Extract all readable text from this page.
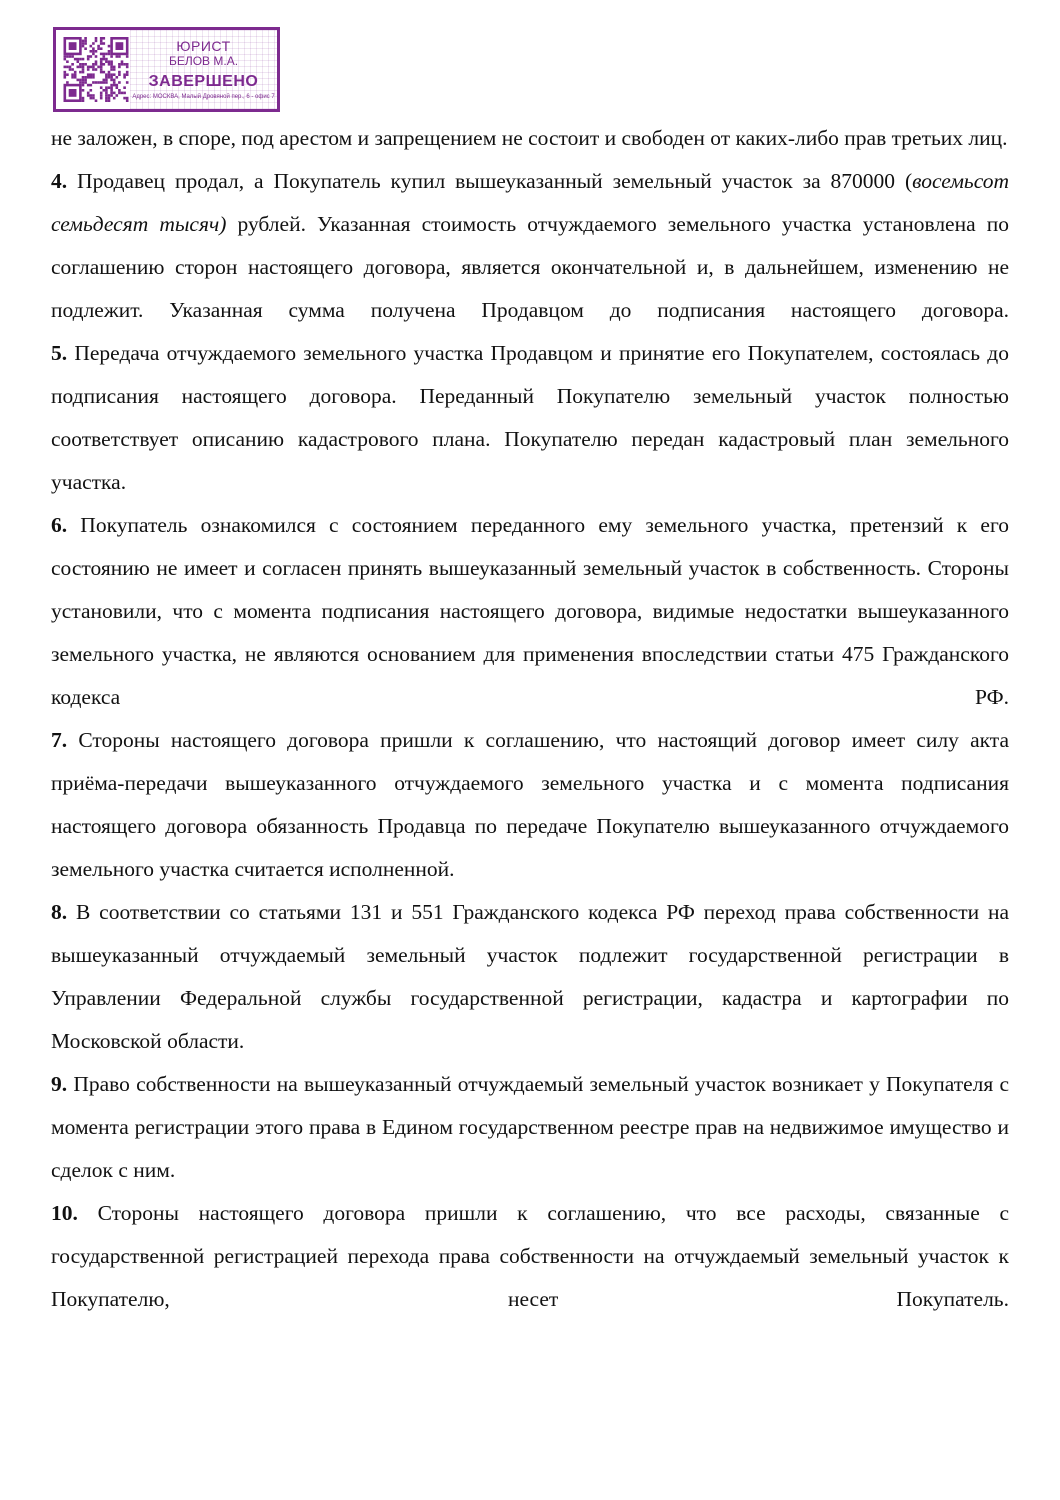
ЮРИСТ
БЕЛОВ М.А.
ЗАВЕРШЕНО
Адрес: МОСКВА, Малый Дровяной пер., 6 - офис 7

не заложен, в споре, под арестом и запрещением не состоит и свободен от каких-либо прав третьих лиц.

4. Продавец продал, а Покупатель купил вышеуказанный земельный участок за 870000 (восемьсот семьдесят тысяч) рублей. Указанная стоимость отчуждаемого земельного участка установлена по соглашению сторон настоящего договора, является окончательной и, в дальнейшем, изменению не подлежит. Указанная сумма получена Продавцом до подписания настоящего договора.

5. Передача отчуждаемого земельного участка Продавцом и принятие его Покупателем, состоялась до подписания настоящего договора. Переданный Покупателю земельный участок полностью соответствует описанию кадастрового плана. Покупателю передан кадастровый план земельного участка.

6. Покупатель ознакомился с состоянием переданного ему земельного участка, претензий к его состоянию не имеет и согласен принять вышеуказанный земельный участок в собственность. Стороны установили, что с момента подписания настоящего договора, видимые недостатки вышеуказанного земельного участка, не являются основанием для применения впоследствии статьи 475 Гражданского кодекса РФ.

7. Стороны настоящего договора пришли к соглашению, что настоящий договор имеет силу акта приёма-передачи вышеуказанного отчуждаемого земельного участка и с момента подписания настоящего договора обязанность Продавца по передаче Покупателю вышеуказанного отчуждаемого земельного участка считается исполненной.

8. В соответствии со статьями 131 и 551 Гражданского кодекса РФ переход права собственности на вышеуказанный отчуждаемый земельный участок подлежит государственной регистрации в Управлении Федеральной службы государственной регистрации, кадастра и картографии по Московской области.

9. Право собственности на вышеуказанный отчуждаемый земельный участок возникает у Покупателя с момента регистрации этого права в Едином государственном реестре прав на недвижимое имущество и сделок с ним.

10. Стороны настоящего договора пришли к соглашению, что все расходы, связанные с государственной регистрацией перехода права собственности на отчуждаемый земельный участок к Покупателю, несет Покупатель.
